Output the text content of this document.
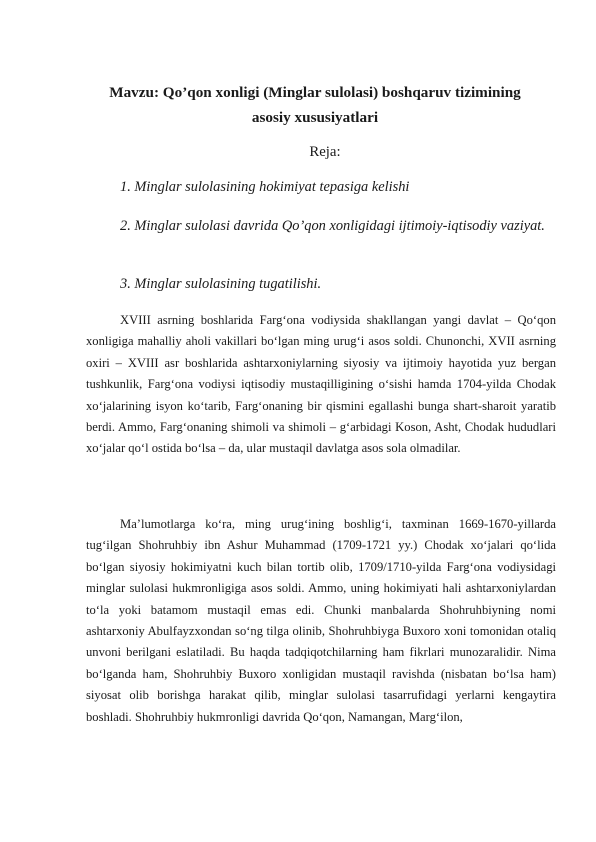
Mavzu: Qo’qon xonligi (Minglar sulolasi) boshqaruv tizimining
asosiy xususiyatlari
Reja:
1. Minglar sulolasining hokimiyat tepasiga kelishi
2. Minglar sulolasi davrida Qo’qon xonligidagi ijtimoiy-iqtisodiy vaziyat.
3. Minglar sulolasining tugatilishi.

XVIII asrning boshlarida Farg‘ona vodiysida shakllangan yangi davlat – Qo‘qon xonligiga mahalliy aholi vakillari bo‘lgan ming urug‘i asos soldi. Chunonchi, XVII asrning oxiri – XVIII asr boshlarida ashtarxoniylarning siyosiy va ijtimoiy hayotida yuz bergan tushkunlik, Farg‘ona vodiysi iqtisodiy mustaqilligining o‘sishi hamda 1704-yilda Chodak xo‘jalarining isyon ko‘tarib, Farg‘onaning bir qismini egallashi bunga shart-sharoit yaratib berdi. Ammo, Farg‘onaning shimoli va shimoli – g‘arbidagi Koson, Asht, Chodak hududlari xo‘jalar qo‘l ostida bo‘lsa – da, ular mustaqil davlatga asos sola olmadilar.

Ma’lumotlarga ko‘ra, ming urug‘ining boshlig‘i, taxminan 1669-1670-yillarda tug‘ilgan Shohruhbiy ibn Ashur Muhammad (1709-1721 yy.) Chodak xo‘jalari qo‘lida bo‘lgan siyosiy hokimiyatni kuch bilan tortib olib, 1709/1710-yilda Farg‘ona vodiysidagi minglar sulolasi hukmronligiga asos soldi. Ammo, uning hokimiyati hali ashtarxoniylardan to‘la yoki batamom mustaqil emas edi. Chunki manbalarda Shohruhbiyning nomi ashtarxoniy Abulfayzxondan so‘ng tilga olinib, Shohruhbiyga Buxoro xoni tomonidan otaliq unvoni berilgani eslatiladi. Bu haqda tadqiqotchilarning ham fikrlari munozaralidir. Nima bo‘lganda ham, Shohruhbiy Buxoro xonligidan mustaqil ravishda (nisbatan bo‘lsa ham) siyosat olib borishga harakat qilib, minglar sulolasi tasarrufidagi yerlarni kengaytira boshladi. Shohruhbiy hukmronligi davrida Qo‘qon, Namangan, Marg‘ilon,
